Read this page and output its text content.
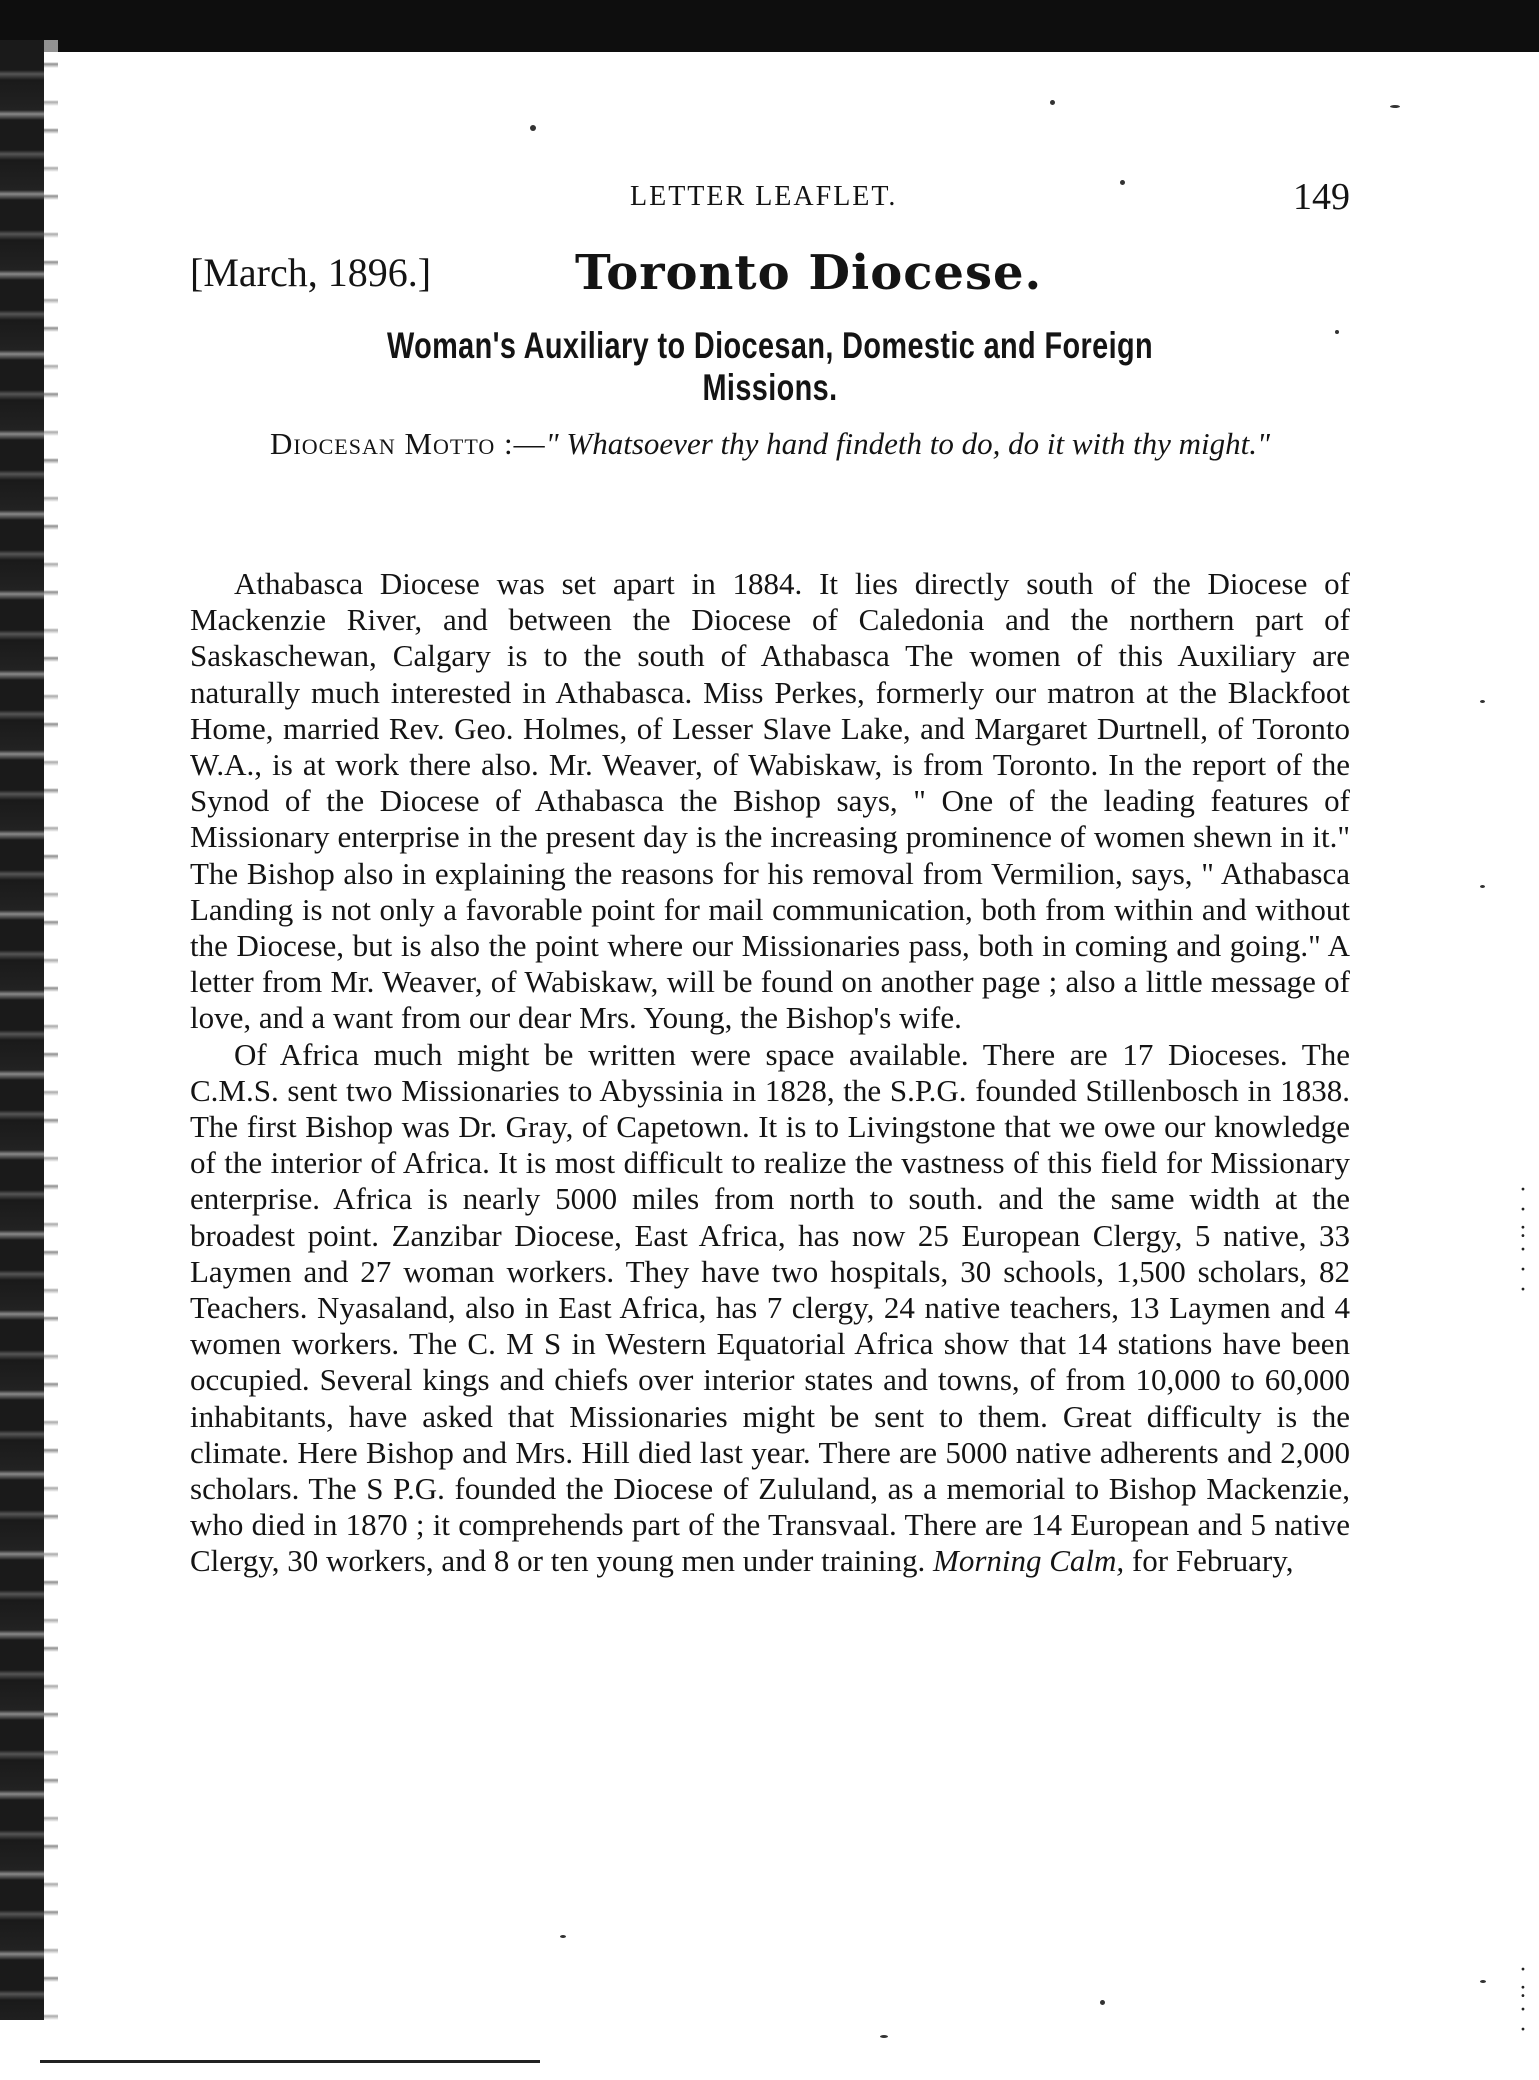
·
·
:
·
·
·
·
:
·
·
LETTER LEAFLET.	149
[March, 1896.]	Toronto Diocese.
Woman's Auxiliary to Diocesan, Domestic and Foreign Missions.
Diocesan Motto :—" Whatsoever thy hand findeth to do, do it with thy might."

Athabasca Diocese was set apart in 1884. It lies directly south of the Diocese of Mackenzie River, and between the Diocese of Caledonia and the northern part of Saskaschewan, Calgary is to the south of Athabasca The women of this Auxiliary are naturally much interested in Athabasca. Miss Perkes, formerly our matron at the Blackfoot Home, married Rev. Geo. Holmes, of Lesser Slave Lake, and Margaret Durtnell, of Toronto W.A., is at work there also. Mr. Weaver, of Wabiskaw, is from Toronto. In the report of the Synod of the Diocese of Athabasca the Bishop says, " One of the leading features of Missionary enterprise in the present day is the increasing prominence of women shewn in it." The Bishop also in explaining the reasons for his removal from Vermilion, says, " Athabasca Landing is not only a favorable point for mail communication, both from within and without the Diocese, but is also the point where our Missionaries pass, both in coming and going." A letter from Mr. Weaver, of Wabiskaw, will be found on another page ; also a little message of love, and a want from our dear Mrs. Young, the Bishop's wife.

Of Africa much might be written were space available. There are 17 Dioceses. The C.M.S. sent two Missionaries to Abyssinia in 1828, the S.P.G. founded Stillenbosch in 1838. The first Bishop was Dr. Gray, of Capetown. It is to Livingstone that we owe our knowledge of the interior of Africa. It is most difficult to realize the vastness of this field for Missionary enterprise. Africa is nearly 5000 miles from north to south. and the same width at the broadest point. Zanzibar Diocese, East Africa, has now 25 European Clergy, 5 native, 33 Laymen and 27 woman workers. They have two hospitals, 30 schools, 1,500 scholars, 82 Teachers. Nyasaland, also in East Africa, has 7 clergy, 24 native teachers, 13 Laymen and 4 women workers. The C. M S in Western Equatorial Africa show that 14 stations have been occupied. Several kings and chiefs over interior states and towns, of from 10,000 to 60,000 inhabitants, have asked that Missionaries might be sent to them. Great difficulty is the climate. Here Bishop and Mrs. Hill died last year. There are 5000 native adherents and 2,000 scholars. The S P.G. founded the Diocese of Zululand, as a memorial to Bishop Mackenzie, who died in 1870 ; it comprehends part of the Transvaal. There are 14 European and 5 native Clergy, 30 workers, and 8 or ten young men under training. Morning Calm, for February,
